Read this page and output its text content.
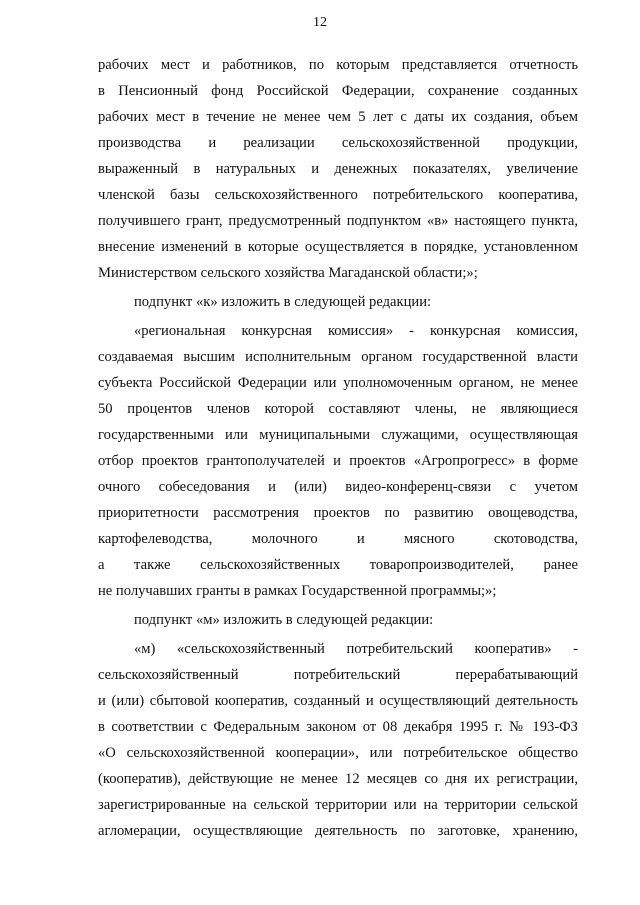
12
рабочих мест и работников, по которым представляется отчетность
в Пенсионный фонд Российской Федерации, сохранение созданных
рабочих мест в течение не менее чем 5 лет с даты их создания, объем
производства и реализации сельскохозяйственной продукции,
выраженный в натуральных и денежных показателях, увеличение
членской базы сельскохозяйственного потребительского кооператива,
получившего грант, предусмотренный подпунктом «в» настоящего пункта,
внесение изменений в которые осуществляется в порядке, установленном
Министерством сельского хозяйства Магаданской области;»;
подпункт «к» изложить в следующей редакции:
«региональная конкурсная комиссия» - конкурсная комиссия,
создаваемая высшим исполнительным органом государственной власти
субъекта Российской Федерации или уполномоченным органом, не менее
50 процентов членов которой составляют члены, не являющиеся
государственными или муниципальными служащими, осуществляющая
отбор проектов грантополучателей и проектов «Агропрогресс» в форме
очного собеседования и (или) видео-конференц-связи с учетом
приоритетности рассмотрения проектов по развитию овощеводства,
картофелеводства, молочного и мясного скотоводства,
а также сельскохозяйственных товаропроизводителей, ранее
не получавших гранты в рамках Государственной программы;»;
подпункт «м» изложить в следующей редакции:
«м) «сельскохозяйственный потребительский кооператив» -
сельскохозяйственный потребительский перерабатывающий
и (или) сбытовой кооператив, созданный и осуществляющий деятельность
в соответствии с Федеральным законом от 08 декабря 1995 г. № 193-ФЗ
«О сельскохозяйственной кооперации», или потребительское общество
(кооператив), действующие не менее 12 месяцев со дня их регистрации,
зарегистрированные на сельской территории или на территории сельской
агломерации, осуществляющие деятельность по заготовке, хранению,
